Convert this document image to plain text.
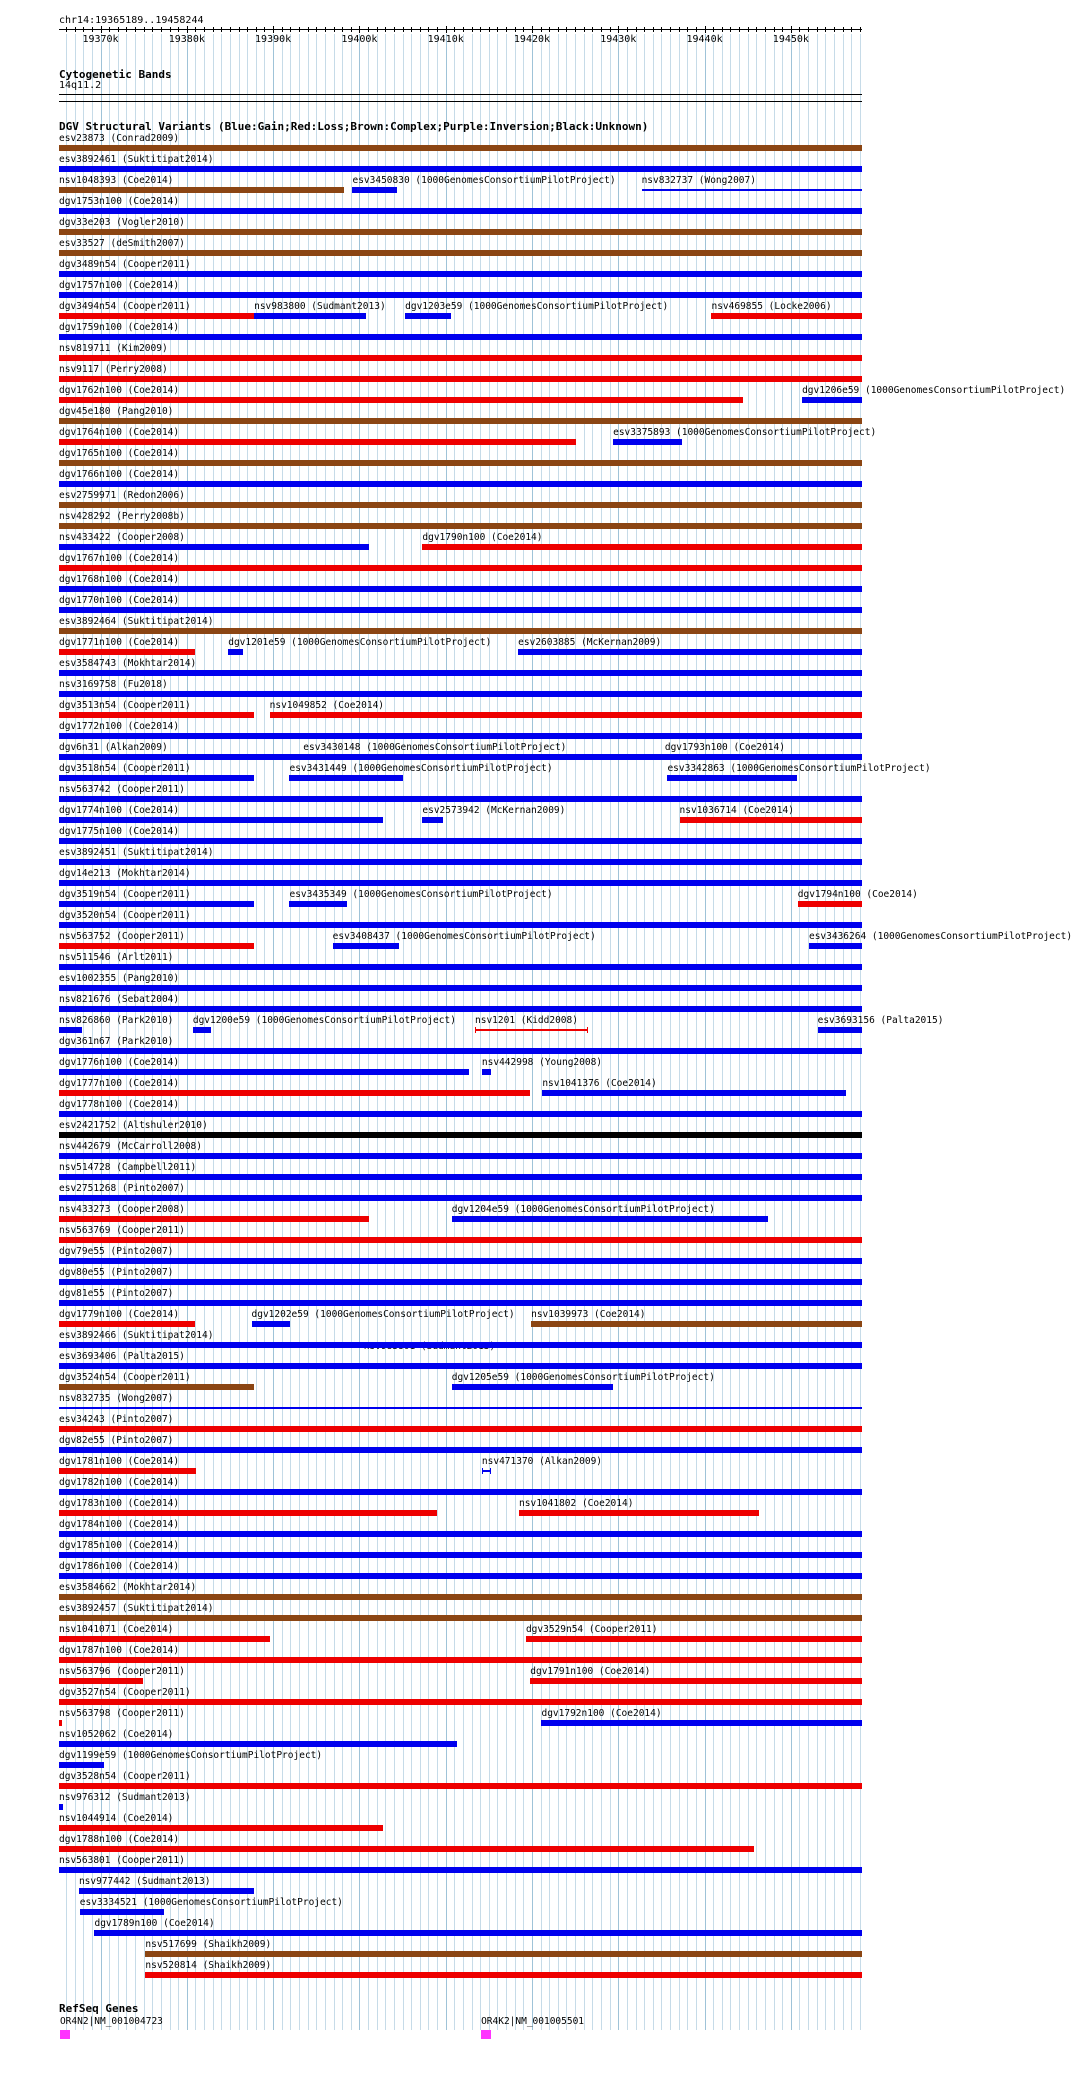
chr14:19365189..19458244
19370k	19380k	19390k	19400k	19410k	19420k	19430k	19440k	19450k
Cytogenetic Bands
14q11.2
DGV Structural Variants (Blue:Gain;Red:Loss;Brown:Complex;Purple:Inversion;Black:Unknown)
esv23873 (Conrad2009)
esv3892461 (Suktitipat2014)
nsv1048393 (Coe2014)	esv3450830 (1000GenomesConsortiumPilotProject)	nsv832737 (Wong2007)
dgv1753n100 (Coe2014)
dgv33e203 (Vogler2010)
esv33527 (deSmith2007)
dgv3489n54 (Cooper2011)
dgv1757n100 (Coe2014)
dgv3494n54 (Cooper2011)	nsv983800 (Sudmant2013) dgv1203e59 (1000GenomesConsortiumPilotProject)	nsv469855 (Locke2006)
dgv1759n100 (Coe2014)
nsv819711 (Kim2009)
nsv9117 (Perry2008)
dgv1762n100 (Coe2014)	dgv1206e59 (1000GenomesConsortiumPilotProject)
dgv45e180 (Pang2010)
dgv1764n100 (Coe2014)	esv3375893 (1000GenomesConsortiumPilotProject)
dgv1765n100 (Coe2014)
dgv1766n100 (Coe2014)
esv2759971 (Redon2006)
nsv428292 (Perry2008b)
nsv433422 (Cooper2008)	dgv1790n100 (Coe2014)
dgv1767n100 (Coe2014)
dgv1768n100 (Coe2014)
dgv1770n100 (Coe2014)
esv3892464 (Suktitipat2014)
dgv1771n100 (Coe2014)	dgv1201e59 (1000GenomesConsortiumPilotProject)	esv2603885 (McKernan2009)
esv3584743 (Mokhtar2014)
nsv3169758 (Fu2018)
dgv3513n54 (Cooper2011)	nsv1049852 (Coe2014)
dgv1772n100 (Coe2014)
dgv6n31 (Alkan2009)	esv3430148 (1000GenomesConsortiumPilotProject)	dgv1793n100 (Coe2014)
dgv3518n54 (Cooper2011)	esv3431449 (1000GenomesConsortiumPilotProject)	esv3342863 (1000GenomesConsortiumPilotProject)
nsv563742 (Cooper2011)
dgv1774n100 (Coe2014)	esv2573942 (McKernan2009)	nsv1036714 (Coe2014)
dgv1775n100 (Coe2014)
esv3892451 (Suktitipat2014)
dgv14e213 (Mokhtar2014)
dgv3519n54 (Cooper2011)	esv3435349 (1000GenomesConsortiumPilotProject)	dgv1794n100 (Coe2014)
dgv3520n54 (Cooper2011)
nsv563752 (Cooper2011)	esv3408437 (1000GenomesConsortiumPilotProject)	esv3436264 (1000GenomesConsortiumPilotProject)
nsv511546 (Arlt2011)
esv1002355 (Pang2010)
nsv821676 (Sebat2004)
nsv826860 (Park2010) dgv1200e59 (1000GenomesConsortiumPilotProject) nsv1201 (Kidd2008)	esv3693156 (Palta2015)
dgv361n67 (Park2010)
dgv1776n100 (Coe2014)	nsv442998 (Young2008)
dgv1777n100 (Coe2014)	nsv1041376 (Coe2014)
dgv1778n100 (Coe2014)
esv2421752 (Altshuler2010)
nsv442679 (McCarroll2008)
nsv514728 (Campbell2011)
esv2751268 (Pinto2007)
nsv433273 (Cooper2008)	dgv1204e59 (1000GenomesConsortiumPilotProject)
nsv563769 (Cooper2011)
dgv79e55 (Pinto2007)
dgv80e55 (Pinto2007)
dgv81e55 (Pinto2007)
dgv1779n100 (Coe2014)	dgv1202e59 (1000GenomesConsortiumPilotProject) nsv1039973 (Coe2014)
esv3892466 (Suktitipat2014)
esv3693406 (Palta2015)
dgv3524n54 (Cooper2011)	dgv1205e59 (1000GenomesConsortiumPilotProject)
nsv832735 (Wong2007)
esv34243 (Pinto2007)
dgv82e55 (Pinto2007)
dgv1781n100 (Coe2014)	nsv471370 (Alkan2009)
dgv1782n100 (Coe2014)
dgv1783n100 (Coe2014)	nsv1041802 (Coe2014)
dgv1784n100 (Coe2014)
dgv1785n100 (Coe2014)
dgv1786n100 (Coe2014)
esv3584662 (Mokhtar2014)
esv3892457 (Suktitipat2014)
nsv1041071 (Coe2014)	dgv3529n54 (Cooper2011)
dgv1787n100 (Coe2014)
nsv563796 (Cooper2011)	dgv1791n100 (Coe2014)
dgv3527n54 (Cooper2011)
nsv563798 (Cooper2011)	dgv1792n100 (Coe2014)
nsv1052062 (Coe2014)
dgv1199e59 (1000GenomesConsortiumPilotProject)
dgv3528n54 (Cooper2011)
nsv976312 (Sudmant2013)
nsv1044914 (Coe2014)
dgv1788n100 (Coe2014)
nsv563801 (Cooper2011)
nsv977442 (Sudmant2013)
esv3334521 (1000GenomesConsortiumPilotProject)
dgv1789n100 (Coe2014)
nsv517699 (Shaikh2009)
nsv520814 (Shaikh2009)
RefSeq Genes
OR4N2|NM_001004723	OR4K2|NM_001005501
